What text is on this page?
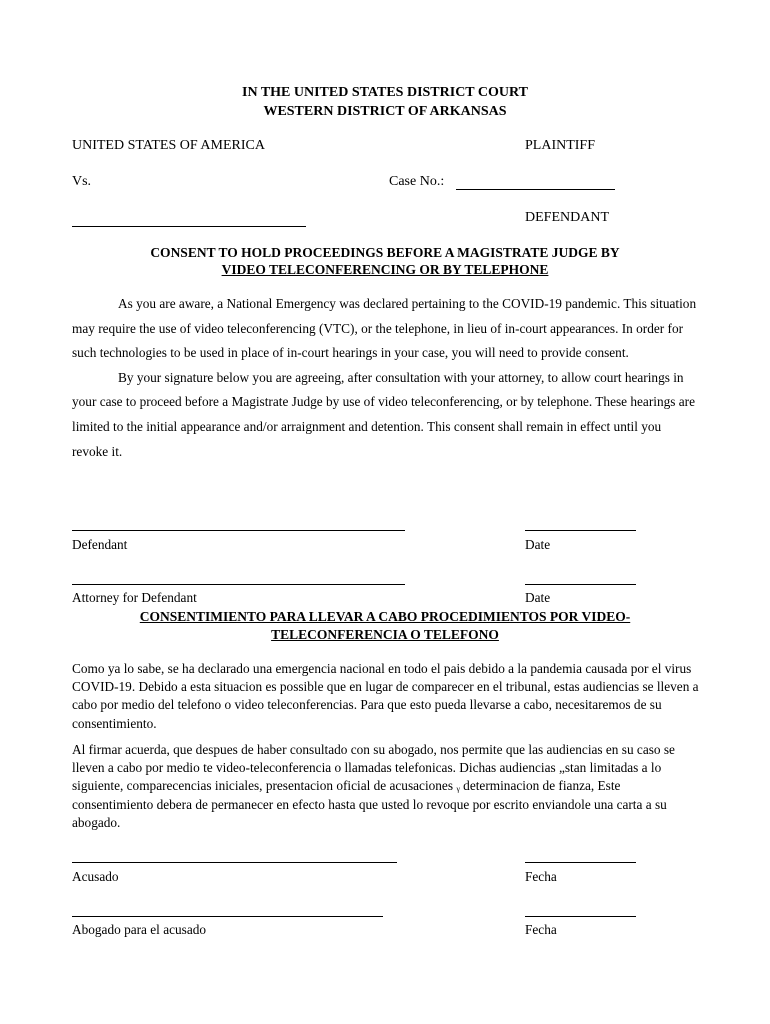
IN THE UNITED STATES DISTRICT COURT
WESTERN DISTRICT OF ARKANSAS
UNITED STATES OF AMERICA	PLAINTIFF
Vs.	Case No.:
DEFENDANT
CONSENT TO HOLD PROCEEDINGS BEFORE A MAGISTRATE JUDGE BY
VIDEO TELECONFERENCING OR BY TELEPHONE

As you are aware, a National Emergency was declared pertaining to the COVID-19 pandemic. This situation may require the use of video teleconferencing (VTC), or the telephone, in lieu of in-court appearances. In order for such technologies to be used in place of in-court hearings in your case, you will need to provide consent.

By your signature below you are agreeing, after consultation with your attorney, to allow court hearings in your case to proceed before a Magistrate Judge by use of video teleconferencing, or by telephone. These hearings are limited to the initial appearance and/or arraignment and detention. This consent shall remain in effect until you revoke it.

Defendant	Date
Attorney for Defendant	Date
CONSENTIMIENTO PARA LLEVAR A CABO PROCEDIMIENTOS POR VIDEO-
TELECONFERENCIA O TELEFONO
Como ya lo sabe, se ha declarado una emergencia nacional en todo el pais debido a la pandemia causada por el virus COVID-19. Debido a esta situacion es possible que en lugar de comparecer en el tribunal, estas audiencias se lleven a cabo por medio del telefono o video teleconferencias. Para que esto pueda llevarse a cabo, necesitaremos de su consentimiento.
Al firmar acuerda, que despues de haber consultado con su abogado, nos permite que las audiencias en su caso se lleven a cabo por medio te video-teleconferencia o llamadas telefonicas. Dichas audiencias „stan limitadas a lo siguiente, comparecencias iniciales, presentacion oficial de acusaciones ᵧ determinacion de fianza, Este consentimiento debera de permanecer en efecto hasta que usted lo revoque por escrito enviandole una carta a su abogado.
Acusado	Fecha
Abogado para el acusado	Fecha
